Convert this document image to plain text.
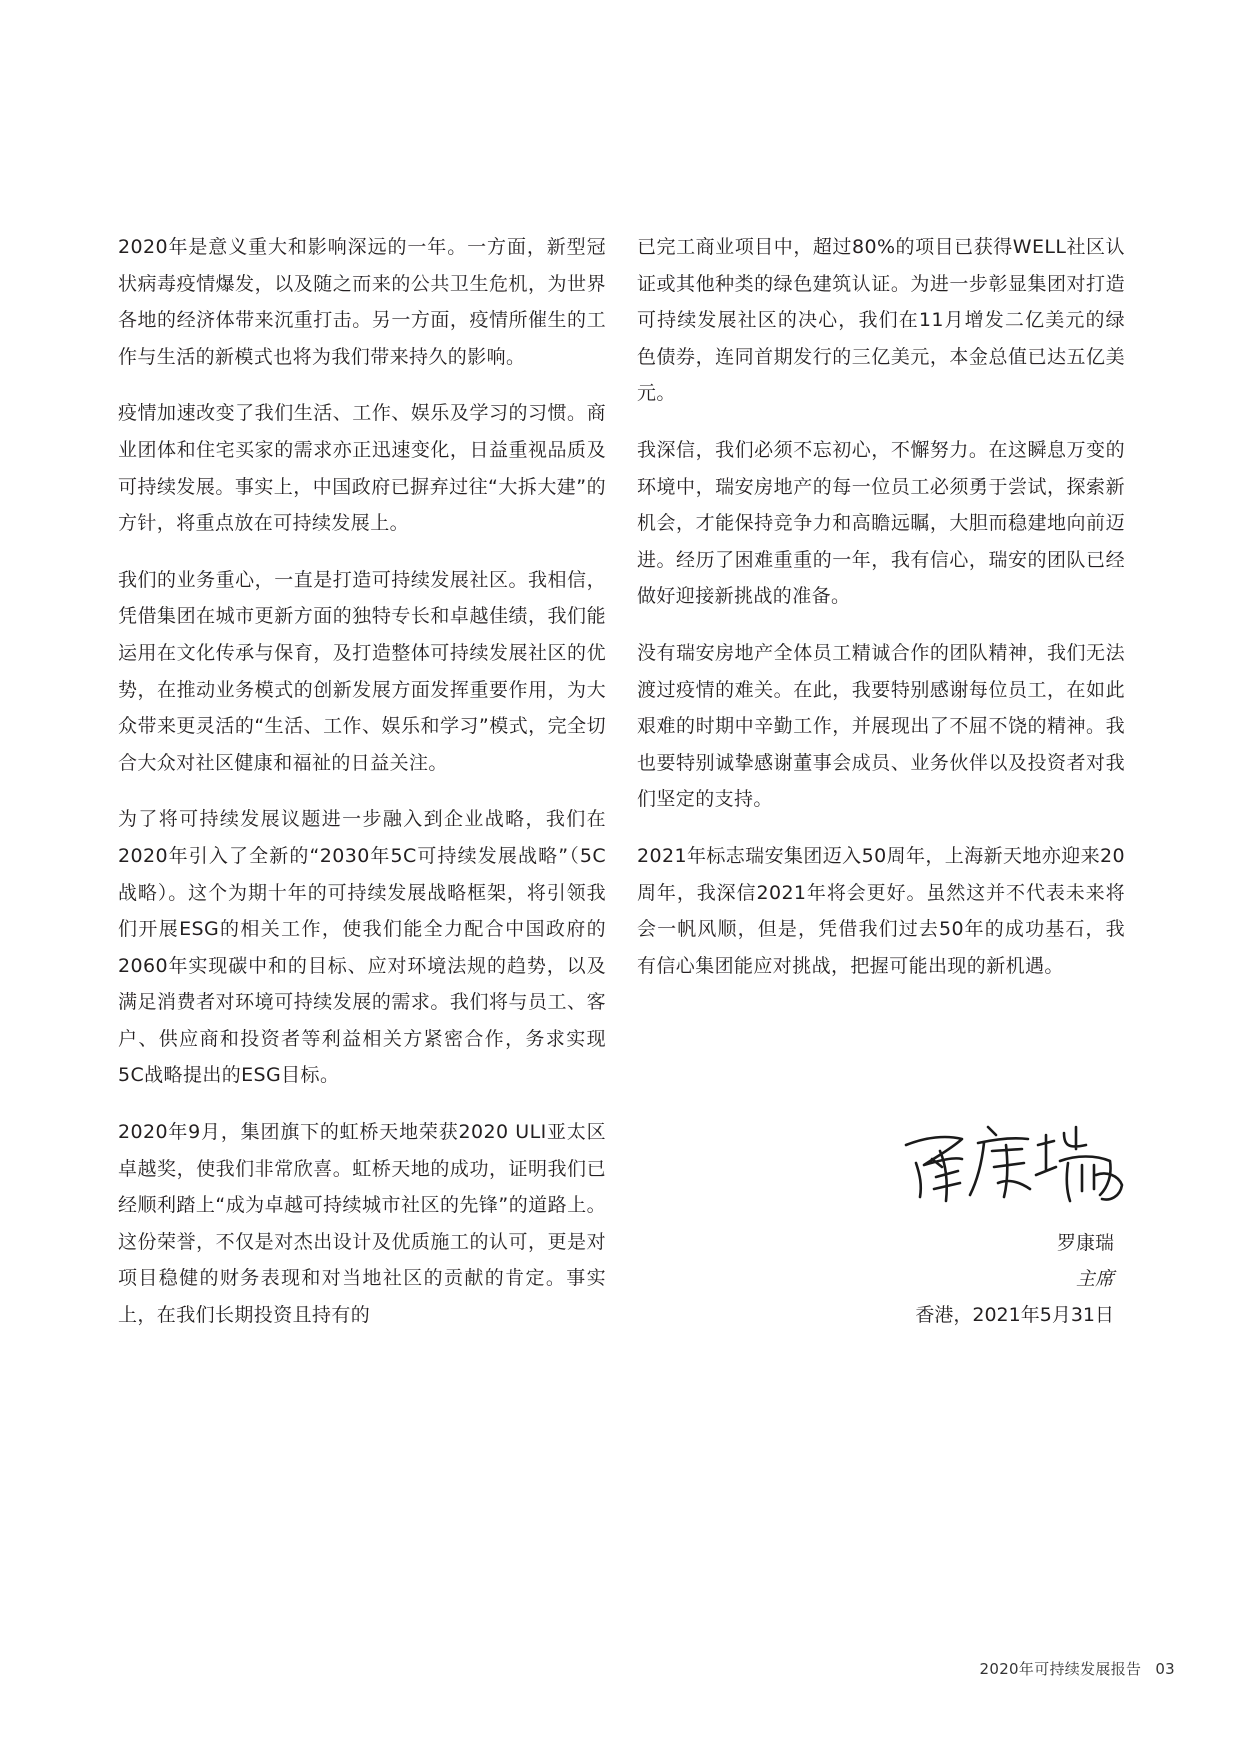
2020年是意义重大和影响深远的一年。一方面，新型冠状病毒疫情爆发，以及随之而来的公共卫生危机，为世界各地的经济体带来沉重打击。另一方面，疫情所催生的工作与生活的新模式也将为我们带来持久的影响。

疫情加速改变了我们生活、工作、娱乐及学习的习惯。商业团体和住宅买家的需求亦正迅速变化，日益重视品质及可持续发展。事实上，中国政府已摒弃过往“大拆大建”的方针，将重点放在可持续发展上。

我们的业务重心，一直是打造可持续发展社区。我相信，凭借集团在城市更新方面的独特专长和卓越佳绩，我们能运用在文化传承与保育，及打造整体可持续发展社区的优势，在推动业务模式的创新发展方面发挥重要作用，为大众带来更灵活的“生活、工作、娱乐和学习”模式，完全切合大众对社区健康和福祉的日益关注。

为了将可持续发展议题进一步融入到企业战略，我们在2020年引入了全新的“2030年5C可持续发展战略”（5C战略）。这个为期十年的可持续发展战略框架，将引领我们开展ESG的相关工作，使我们能全力配合中国政府的2060年实现碳中和的目标、应对环境法规的趋势，以及满足消费者对环境可持续发展的需求。我们将与员工、客户、供应商和投资者等利益相关方紧密合作，务求实现5C战略提出的ESG目标。

2020年9月，集团旗下的虹桥天地荣获2020 ULI亚太区卓越奖，使我们非常欣喜。虹桥天地的成功，证明我们已经顺利踏上“成为卓越可持续城市社区的先锋”的道路上。这份荣誉，不仅是对杰出设计及优质施工的认可，更是对项目稳健的财务表现和对当地社区的贡献的肯定。事实上，在我们长期投资且持有的

已完工商业项目中，超过80%的项目已获得WELL社区认证或其他种类的绿色建筑认证。为进一步彰显集团对打造可持续发展社区的决心，我们在11月增发二亿美元的绿色债券，连同首期发行的三亿美元，本金总值已达五亿美元。

我深信，我们必须不忘初心，不懈努力。在这瞬息万变的环境中，瑞安房地产的每一位员工必须勇于尝试，探索新机会，才能保持竞争力和高瞻远瞩，大胆而稳建地向前迈进。经历了困难重重的一年，我有信心，瑞安的团队已经做好迎接新挑战的准备。

没有瑞安房地产全体员工精诚合作的团队精神，我们无法渡过疫情的难关。在此，我要特别感谢每位员工，在如此艰难的时期中辛勤工作，并展现出了不屈不饶的精神。我也要特别诚挚感谢董事会成员、业务伙伴以及投资者对我们坚定的支持。

2021年标志瑞安集团迈入50周年，上海新天地亦迎来20周年，我深信2021年将会更好。虽然这并不代表未来将会一帆风顺，但是，凭借我们过去50年的成功基石，我有信心集团能应对挑战，把握可能出现的新机遇。

罗康瑞
主席
香港，2021年5月31日
2020年可持续发展报告 03
